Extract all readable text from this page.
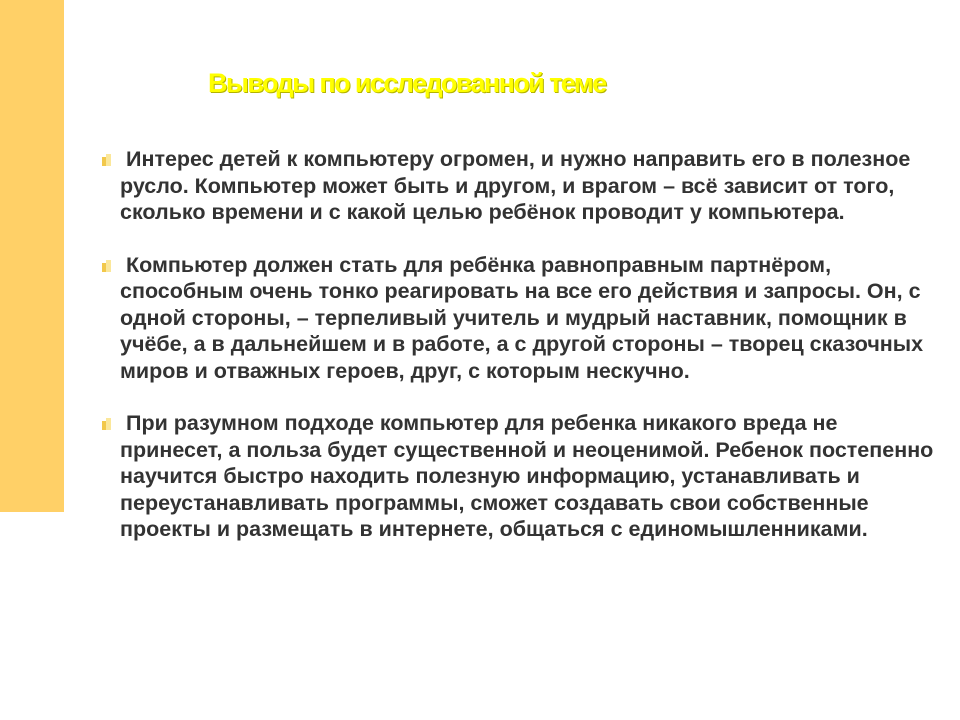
Выводы по исследованной теме
Интерес детей к компьютеру огромен, и нужно направить его в полезное русло. Компьютер может быть и другом, и врагом – всё зависит от того, сколько времени и с какой целью ребёнок проводит у компьютера.
Компьютер должен стать для ребёнка равноправным партнёром, способным очень тонко реагировать на все его действия и запросы. Он, с одной стороны, – терпеливый учитель и мудрый наставник, помощник в учёбе, а в дальнейшем и в работе, а с другой стороны – творец сказочных миров и отважных героев, друг, с которым нескучно.
При разумном подходе компьютер для ребенка никакого вреда не принесет, а польза будет существенной и неоценимой. Ребенок постепенно научится быстро находить полезную информацию, устанавливать и переустанавливать программы, сможет создавать свои собственные проекты и размещать в интернете, общаться с единомышленниками.
